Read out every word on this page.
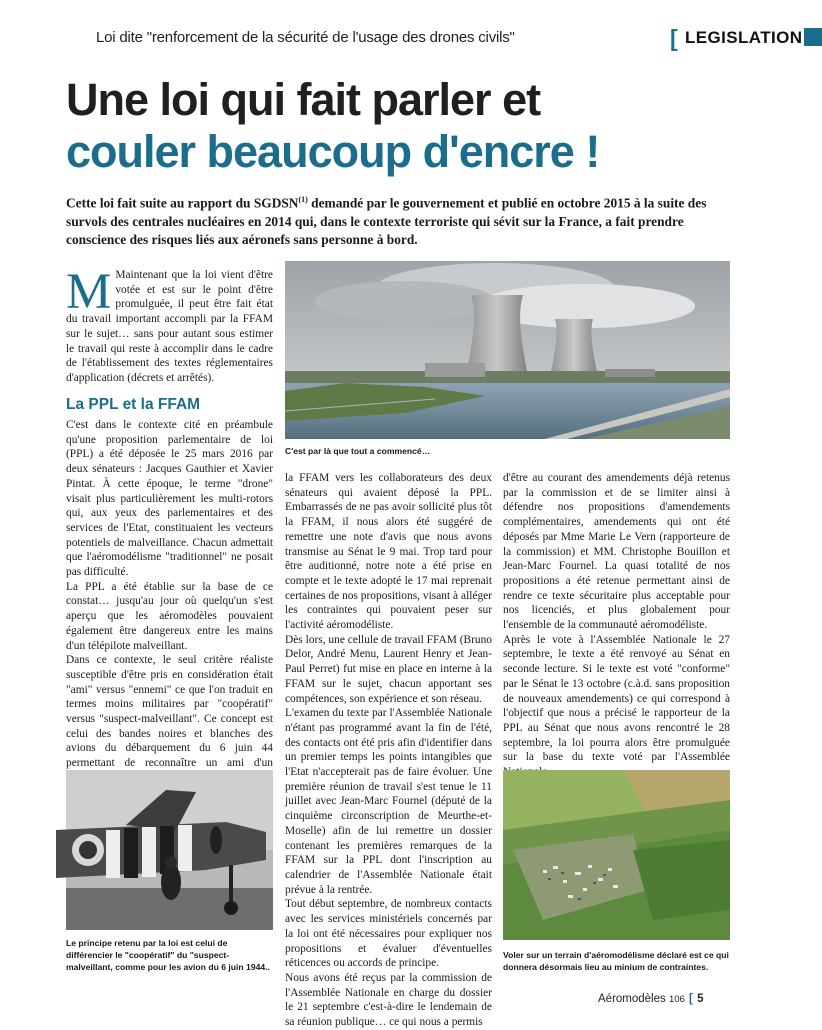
Loi dite "renforcement de la sécurité de l'usage des drones civils"	[ LEGISLATION
Une loi qui fait parler et
couler beaucoup d'encre !

Cette loi fait suite au rapport du SGDSN$^{(1)}$ demandé par le gouvernement et publié en octobre 2015 à la suite des survols des centrales nucléaires en 2014 qui, dans le contexte terroriste qui sévit sur la France, a fait prendre conscience des risques liés aux aéronefs sans personne à bord.

M Maintenant que la loi vient d'être votée et est sur le point d'être promulguée, il peut être fait état du travail important accompli par la FFAM sur le sujet… sans pour autant sous estimer le travail qui reste à accomplir dans le cadre de l'établissement des textes réglementaires d'application (décrets et arrêtés).
La PPL et la FFAM

C'est dans le contexte cité en préambule qu'une proposition parlementaire de loi (PPL) a été déposée le 25 mars 2016 par deux sénateurs : Jacques Gauthier et Xavier Pintat. À cette époque, le terme "drone" visait plus particulièrement les multi-rotors qui, aux yeux des parlementaires et des services de l'Etat, constituaient les vecteurs potentiels de malveillance. Chacun admettait que l'aéromodélisme "traditionnel" ne posait pas difficulté.

La PPL a été établie sur la base de ce constat… jusqu'au jour où quelqu'un s'est aperçu que les aéromodèles pouvaient également être dangereux entre les mains d'un télépilote malveillant.

Dans ce contexte, le seul critère réaliste susceptible d'être pris en considération était "ami" versus "ennemi" ce que l'on traduit en termes moins militaires par "coopératif" versus "suspect-malveillant". Ce concept est celui des bandes noires et blanches des avions du débarquement du 6 juin 44 permettant de reconnaître un ami d'un

la FFAM vers les collaborateurs des deux sénateurs qui avaient déposé la PPL. Embarrassés de ne pas avoir sollicité plus tôt la FFAM, il nous alors été suggéré de remettre une note d'avis que nous avons transmise au Sénat le 9 mai. Trop tard pour être auditionné, notre note a été prise en compte et le texte adopté le 17 mai reprenait certaines de nos propositions, visant à alléger les contraintes qui pouvaient peser sur l'activité aéromodéliste.

Dès lors, une cellule de travail FFAM (Bruno Delor, André Menu, Laurent Henry et Jean-Paul Perret) fut mise en place en interne à la FFAM sur le sujet, chacun apportant ses compétences, son expérience et son réseau.

L'examen du texte par l'Assemblée Nationale n'étant pas programmé avant la fin de l'été, des contacts ont été pris afin d'identifier dans un premier temps les points intangibles que l'Etat n'accepterait pas de faire évoluer. Une première réunion de travail s'est tenue le 11 juillet avec Jean-Marc Fournel (député de la cinquième circonscription de Meurthe-et-Moselle) afin de lui remettre un dossier contenant les premières remarques de la FFAM sur la PPL dont l'inscription au calendrier de l'Assemblée Nationale était prévue à la rentrée.

Tout début septembre, de nombreux contacts avec les services ministériels concernés par la loi ont été nécessaires pour expliquer nos propositions et évaluer d'éventuelles réticences ou accords de principe.

Nous avons été reçus par la commission de l'Assemblée Nationale en charge du dossier le 21 septembre c'est-à-dire le lendemain de sa réunion publique… ce qui nous a permis

d'être au courant des amendements déjà retenus par la commission et de se limiter ainsi à défendre nos propositions d'amendements complémentaires, amendements qui ont été déposés par Mme Marie Le Vern (rapporteure de la commission) et MM. Christophe Bouillon et Jean-Marc Fournel. La quasi totalité de nos propositions a été retenue permettant ainsi de rendre ce texte sécuritaire plus acceptable pour nos licenciés, et plus globalement pour l'ensemble de la communauté aéromodéliste.

Après le vote à l'Assemblée Nationale le 27 septembre, le texte a été renvoyé au Sénat en seconde lecture. Si le texte est voté "conforme" par le Sénat le 13 octobre (c.à.d. sans proposition de nouveaux amendements) ce qui correspond à l'objectif que nous a précisé le rapporteur de la PPL au Sénat que nous avons rencontré le 28 septembre, la loi pourra alors être promulguée sur la base du texte voté par l'Assemblée

C'est par là que tout a commencé…
Le principe retenu par la loi est celui de différencier le "coopératif" du "suspect-malveillant, comme pour les avion du 6 juin 1944..
Voler sur un terrain d'aéromodélisme déclaré est ce qui donnera désormais lieu au minium de contraintes.
Aéromodèles 106 [ 5
